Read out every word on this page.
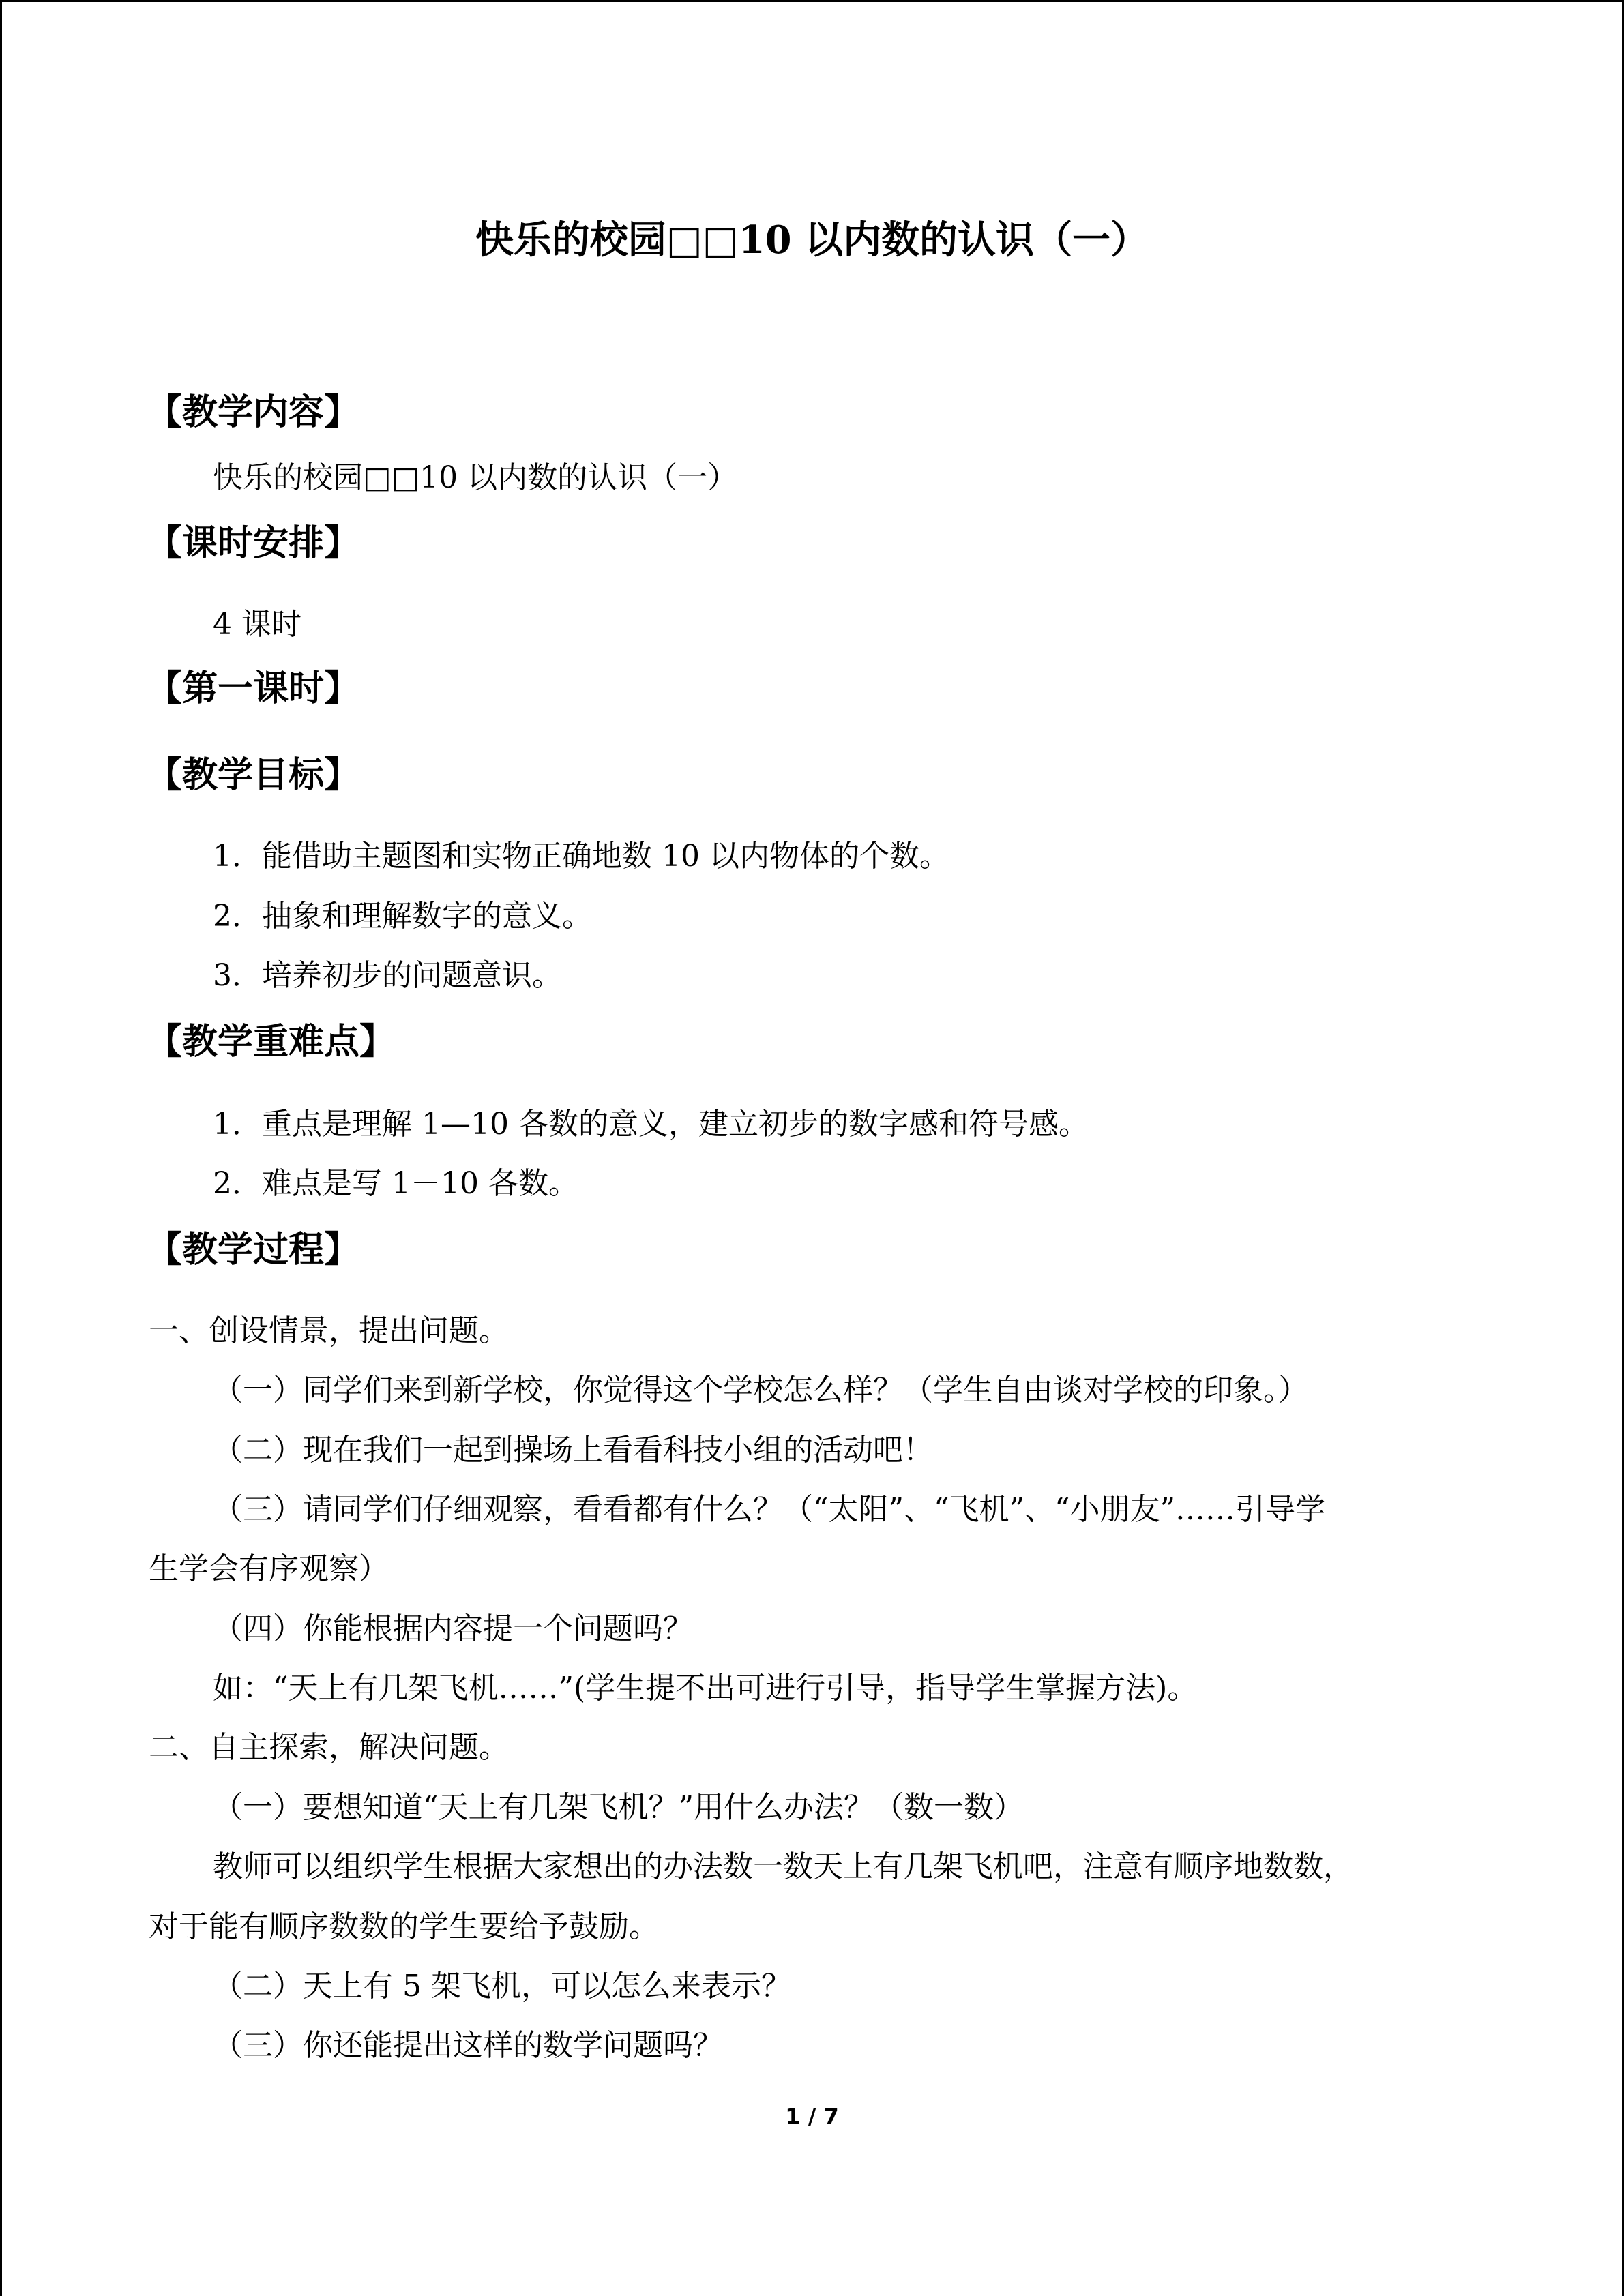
快乐的校园□□10 以内数的认识（一）
【教学内容】
快乐的校园□□10 以内数的认识（一）
【课时安排】
4 课时
【第一课时】
【教学目标】
1．能借助主题图和实物正确地数 10 以内物体的个数。
2．抽象和理解数字的意义。
3．培养初步的问题意识。
【教学重难点】
1．重点是理解 1—10 各数的意义，建立初步的数字感和符号感。
2．难点是写 1－10 各数。
【教学过程】
一、创设情景，提出问题。
（一）同学们来到新学校，你觉得这个学校怎么样？（学生自由谈对学校的印象。）
（二）现在我们一起到操场上看看科技小组的活动吧！
（三）请同学们仔细观察，看看都有什么？（“太阳”、“飞机”、“小朋友”……引导学
生学会有序观察）
（四）你能根据内容提一个问题吗？
如：“天上有几架飞机……”(学生提不出可进行引导，指导学生掌握方法)。
二、自主探索，解决问题。
（一）要想知道“天上有几架飞机？”用什么办法？（数一数）
教师可以组织学生根据大家想出的办法数一数天上有几架飞机吧，注意有顺序地数数，
对于能有顺序数数的学生要给予鼓励。
（二）天上有 5 架飞机，可以怎么来表示？
（三）你还能提出这样的数学问题吗？
1 / 7
